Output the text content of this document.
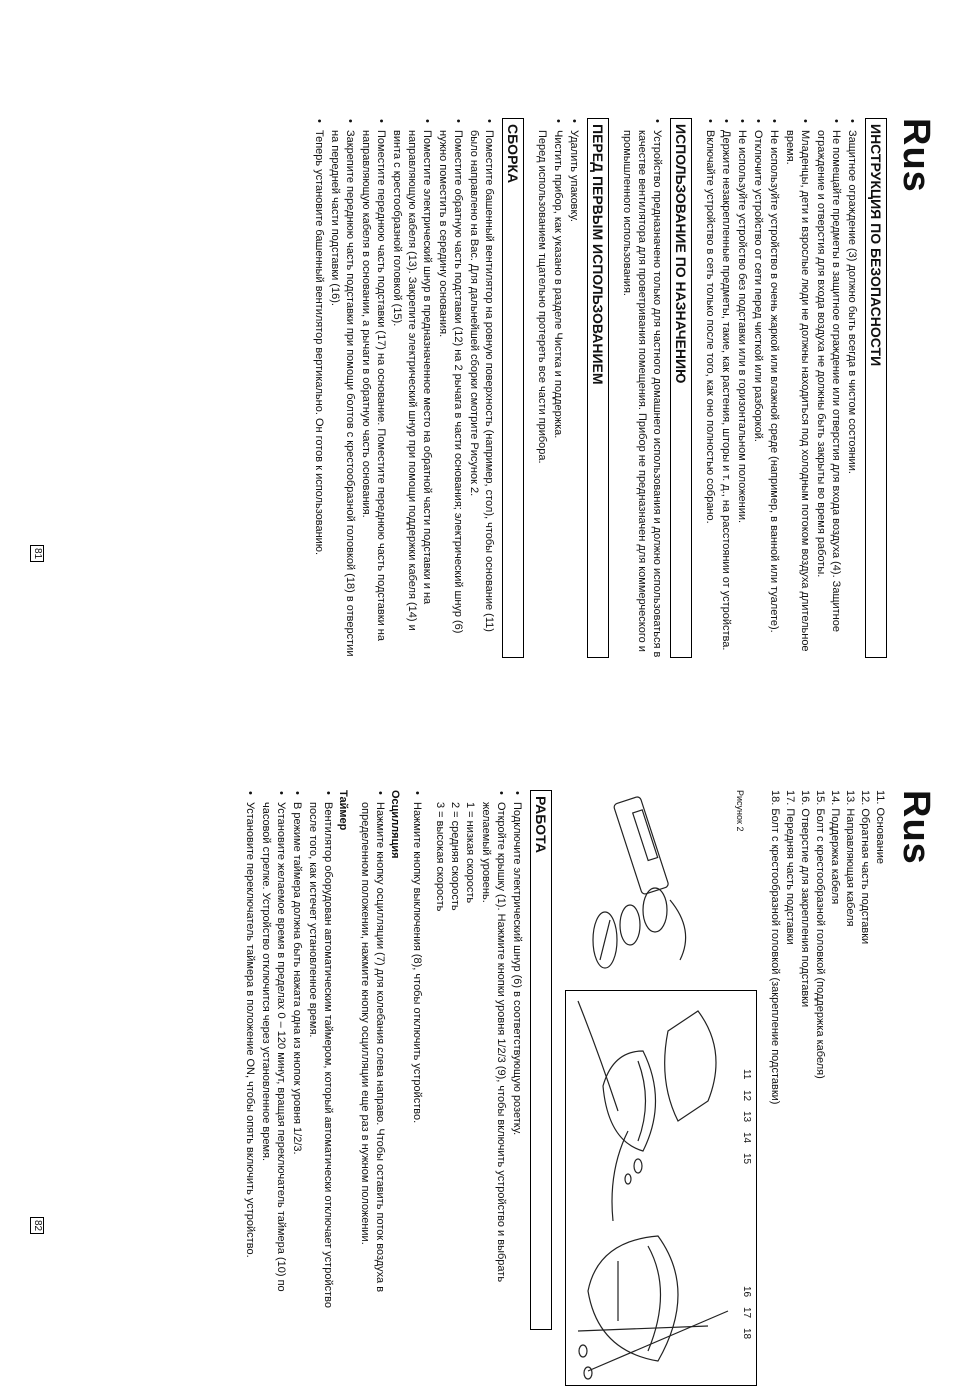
Rus
ИНСТРУКЦИЯ ПО БЕЗОПАСНОСТИ
• Защитное ограждение (3) должно быть всегда в чистом состоянии.
• Не помещайте предметы в защитное ограждение или отверстия для входа воздуха (4). Защитное ограждение и отверстия для входа воздуха не должны быть закрыты во время работы.
• Младенцы, дети и взрослые люди не должны находиться под холодным потоком воздуха длительное время.
• Не используйте устройство в очень жаркой или влажной среде (например, в ванной или туалете).
• Отключите устройство от сети перед чисткой или разборкой.
• Не используйте устройство без подставки или в горизонтальном положении.
• Держите незакрепленные предметы, такие, как растения, шторы и т. д., на расстоянии от устройства.
• Включайте устройство в сеть только после того, как оно полностью собрано.
ИСПОЛЬЗОВАНИЕ ПО НАЗНАЧЕНИЮ
• Устройство предназначено только для частного домашнего использования и должно использоваться в качестве вентилятора для проветривания помещения. Прибор не предназначен для коммерческого и промышленного использования.
ПЕРЕД ПЕРВЫМ ИСПОЛЬЗОВАНИЕМ
• Удалить упаковку.
• Чистить прибор, как указано в разделе Чистка и поддержка.

Перед использованием тщательно протереть все части прибора.

СБОРКА
• Поместите башенный вентилятор на ровную поверхность (например, стол), чтобы основание (11) было направлено на Вас. Для дальнейшей сборки смотрите Рисунок 2.
• Поместите обратную часть подставки (12) на 2 рычага в части основания; электрический шнур (6) нужно поместить в середину основания.
• Поместите электрический шнур в предназначенное место на обратной части подставки и на направляющую кабеля (13). Закрепите электрический шнур при помощи поддержки кабеля (14) и винта с крестообразной головкой (15).
• Поместите переднюю часть подставки (17) на основание. Поместите переднюю часть подставки на направляющую кабеля в основании, а рычаги в обратную часть основания.
• Закрепите переднюю часть подставки при помощи болтов с крестообразной головкой (18) в отверстии на передней части подставки (16).
• Теперь установите башенный вентилятор вертикально. Он готов к использованию.
81
Rus
11. Основание
12. Обратная часть подставки
13. Направляющая кабеля
14. Поддержка кабеля
15. Болт с крестообразной головкой (поддержка кабеля)
16. Отверстие для закрепления подставки
17. Передняя часть подставки
18. Болт с крестообразной головкой (закрепление подставки)
Рисунок 2
11
12
13
14
15
16
17
18
РАБОТА
• Подключите электрический шнур (6) в соответствующую розетку.
• Откройте крышку (1). Нажмите кнопки уровня 1/2/3 (9), чтобы включить устройство и выбрать желаемый уровень.

1 = низкая скорость

2 = средняя скорость

3 = высокая скорость

• Нажмите кнопку выключения (8), чтобы отключить устройство.
Осцилляция
• Нажмите кнопку осцилляции (7) для колебания слева направо. Чтобы оставить поток воздуха в определенном положении, нажмите кнопку осцилляции еще раз в нужном положении.
Таймер
• Вентилятор оборудован автоматическим таймером, который автоматически отключает устройство после того, как истечет установленное время.
• В режиме таймера должна быть нажата одна из кнопок уровня 1/2/3.
• Установите желаемое время в пределах 0 – 120 минут, вращая переключатель таймера (10) по часовой стрелке. Устройство отключится через установленное время.
• Установите переключатель таймера в положение ON, чтобы опять включить устройство.
82
